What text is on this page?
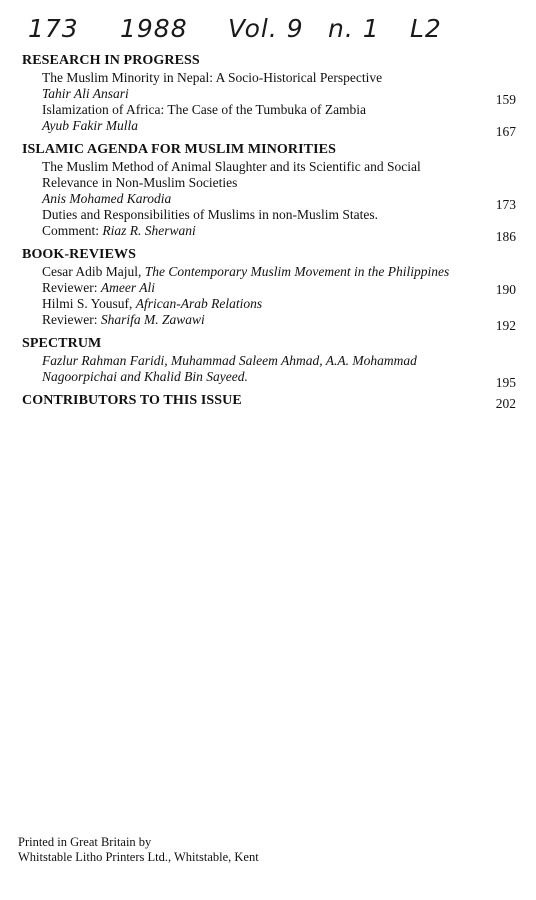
173 1988 Vol. 9 n. 1 L2
RESEARCH IN PROGRESS
The Muslim Minority in Nepal: A Socio-Historical Perspective
Tahir Ali Ansari	159
Islamization of Africa: The Case of the Tumbuka of Zambia
Ayub Fakir Mulla	167
ISLAMIC AGENDA FOR MUSLIM MINORITIES
The Muslim Method of Animal Slaughter and its Scientific and Social
Relevance in Non-Muslim Societies
Anis Mohamed Karodia	173
Duties and Responsibilities of Muslims in non-Muslim States.
Comment: Riaz R. Sherwani	186
BOOK-REVIEWS
Cesar Adib Majul, The Contemporary Muslim Movement in the Philippines
Reviewer: Ameer Ali	190
Hilmi S. Yousuf, African-Arab Relations
Reviewer: Sharifa M. Zawawi	192
SPECTRUM
Fazlur Rahman Faridi, Muhammad Saleem Ahmad, A.A. Mohammad
Nagoorpichai and Khalid Bin Sayeed.	195
CONTRIBUTORS TO THIS ISSUE	202
Printed in Great Britain by
Whitstable Litho Printers Ltd., Whitstable, Kent
